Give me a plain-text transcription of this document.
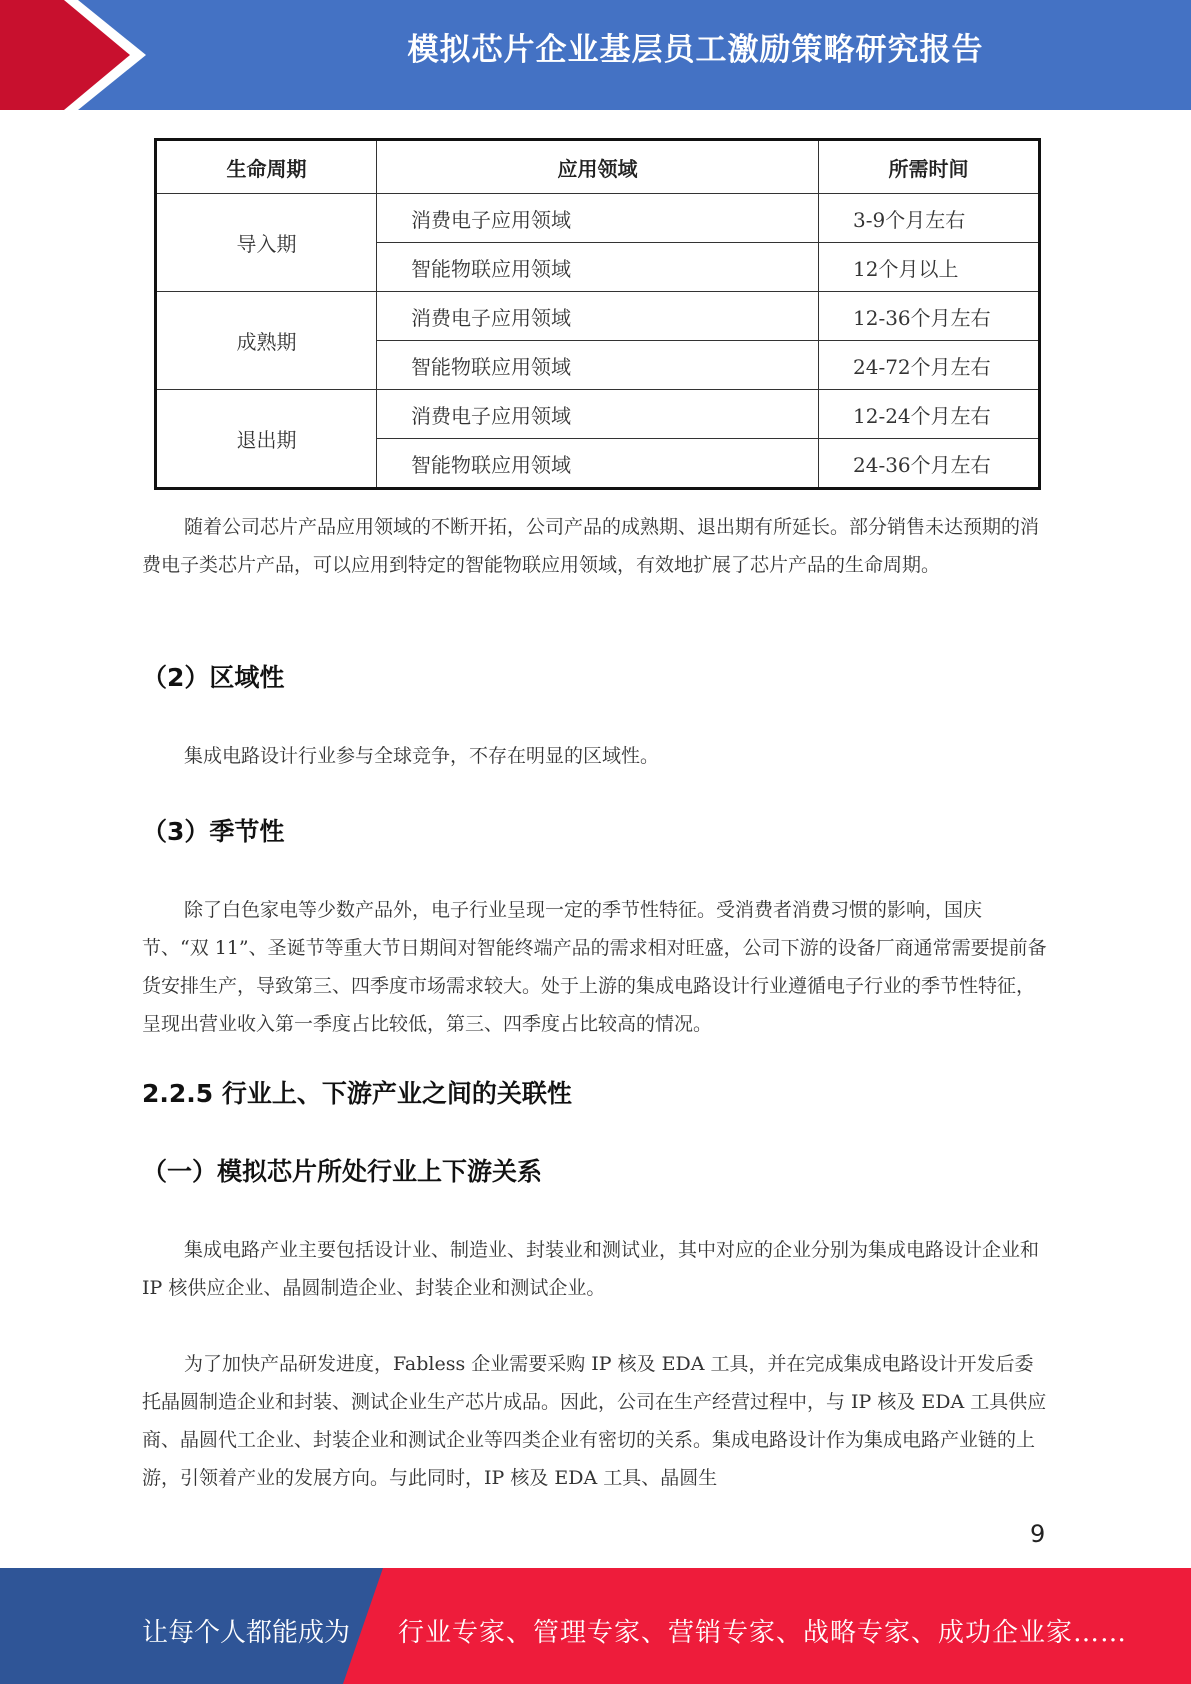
模拟芯片企业基层员工激励策略研究报告
生命周期	应用领域	所需时间
导入期	消费电子应用领域	3-9个月左右
	智能物联应用领域	12个月以上
成熟期	消费电子应用领域	12-36个月左右
	智能物联应用领域	24-72个月左右
退出期	消费电子应用领域	12-24个月左右
	智能物联应用领域	24-36个月左右

随着公司芯片产品应用领域的不断开拓，公司产品的成熟期、退出期有所延长。部分销售未达预期的消费电子类芯片产品，可以应用到特定的智能物联应用领域，有效地扩展了芯片产品的生命周期。

（2）区域性

集成电路设计行业参与全球竞争，不存在明显的区域性。

（3）季节性

除了白色家电等少数产品外，电子行业呈现一定的季节性特征。受消费者消费习惯的影响，国庆节、“双 11”、圣诞节等重大节日期间对智能终端产品的需求相对旺盛，公司下游的设备厂商通常需要提前备货安排生产，导致第三、四季度市场需求较大。处于上游的集成电路设计行业遵循电子行业的季节性特征，呈现出营业收入第一季度占比较低，第三、四季度占比较高的情况。

2.2.5 行业上、下游产业之间的关联性
（一）模拟芯片所处行业上下游关系

集成电路产业主要包括设计业、制造业、封装业和测试业，其中对应的企业分别为集成电路设计企业和 IP 核供应企业、晶圆制造企业、封装企业和测试企业。

为了加快产品研发进度，Fabless 企业需要采购 IP 核及 EDA 工具，并在完成集成电路设计开发后委托晶圆制造企业和封装、测试企业生产芯片成品。因此，公司在生产经营过程中，与 IP 核及 EDA 工具供应商、晶圆代工企业、封装企业和测试企业等四类企业有密切的关系。集成电路设计作为集成电路产业链的上游，引领着产业的发展方向。与此同时，IP 核及 EDA 工具、晶圆生

9
让每个人都能成为 行业专家、管理专家、营销专家、战略专家、成功企业家……
